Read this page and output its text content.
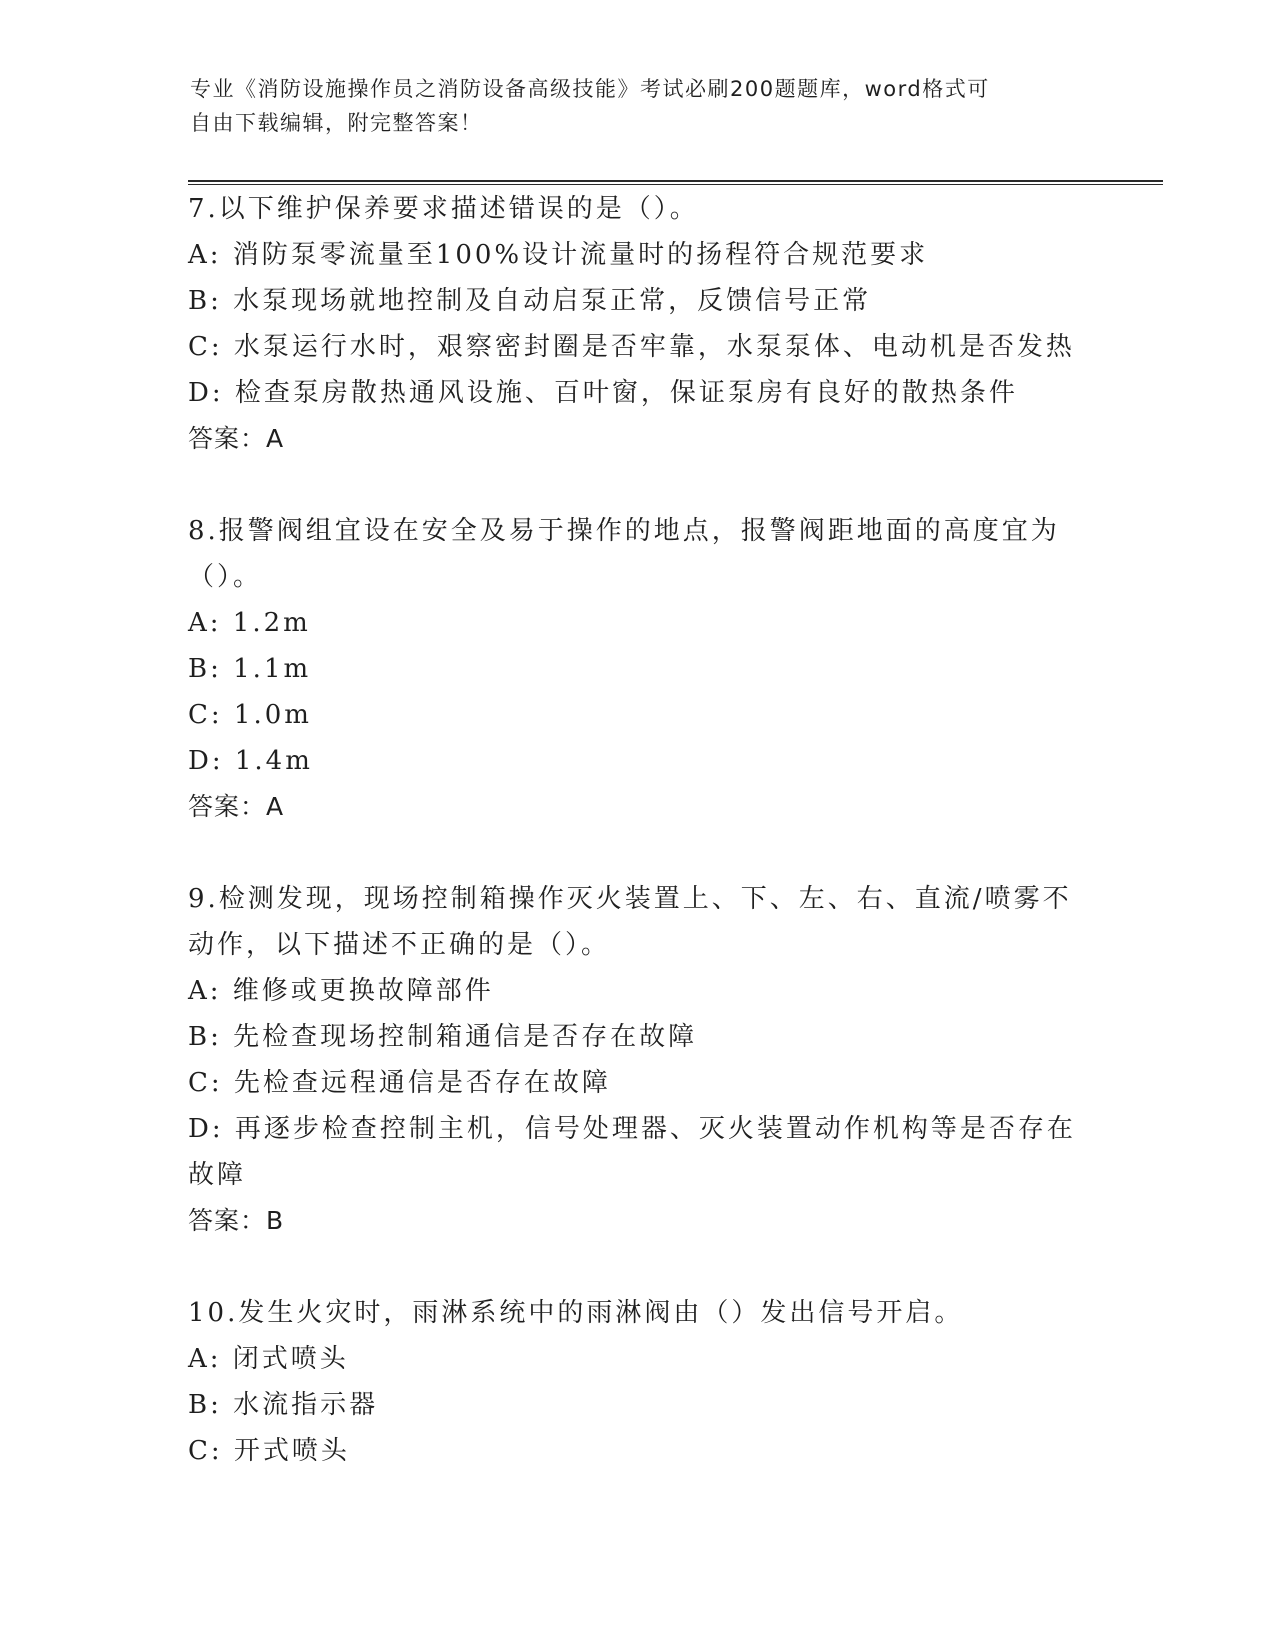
专业《消防设施操作员之消防设备高级技能》考试必刷200题题库，word格式可
自由下载编辑，附完整答案！
7.以下维护保养要求描述错误的是（）。
A: 消防泵零流量至100%设计流量时的扬程符合规范要求
B: 水泵现场就地控制及自动启泵正常，反馈信号正常
C: 水泵运行水时，艰察密封圈是否牢靠，水泵泵体、电动机是否发热
D: 检查泵房散热通风设施、百叶窗，保证泵房有良好的散热条件
答案：A
8.报警阀组宜设在安全及易于操作的地点，报警阀距地面的高度宜为
（）。
A: 1.2m
B: 1.1m
C: 1.0m
D: 1.4m
答案：A
9.检测发现，现场控制箱操作灭火装置上、下、左、右、直流/喷雾不
动作，以下描述不正确的是（）。
A: 维修或更换故障部件
B: 先检查现场控制箱通信是否存在故障
C: 先检查远程通信是否存在故障
D: 再逐步检查控制主机，信号处理器、灭火装置动作机构等是否存在
故障
答案：B
10.发生火灾时，雨淋系统中的雨淋阀由（）发出信号开启。
A: 闭式喷头
B: 水流指示器
C: 开式喷头
